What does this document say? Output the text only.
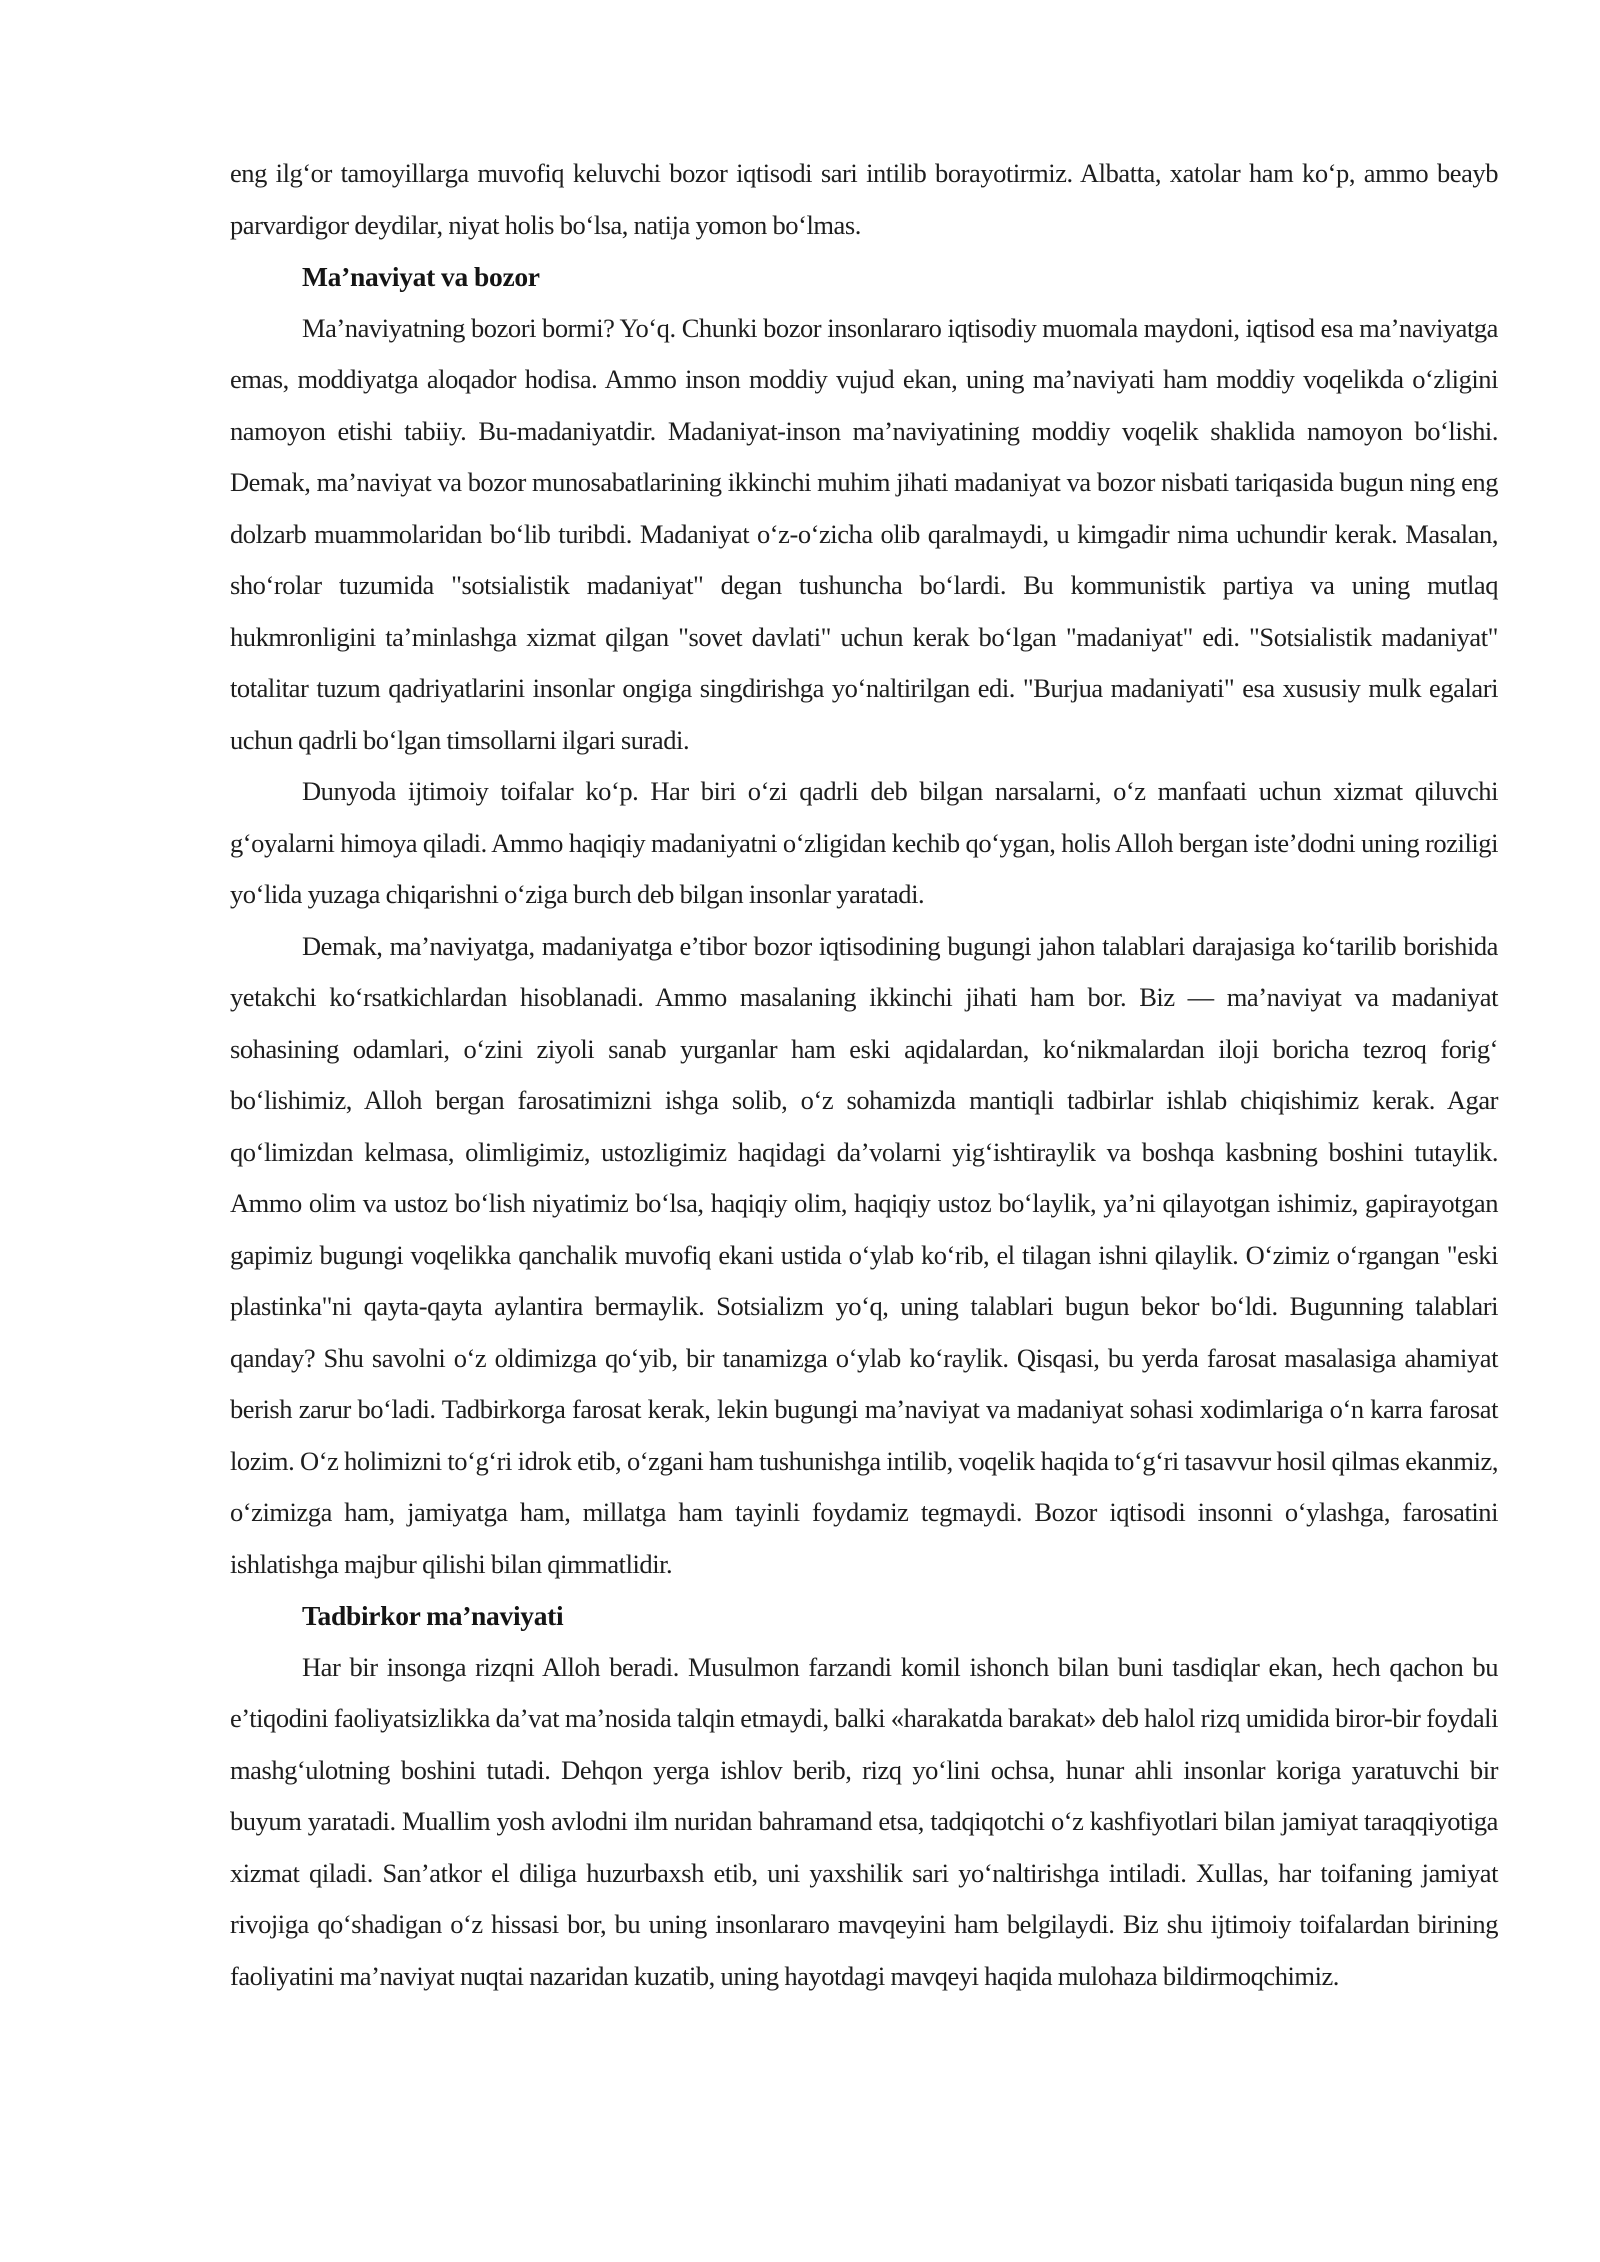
eng ilg‘or tamoyillarga muvofiq keluvchi bozor iqtisodi sari intilib borayotirmiz. Albatta, xatolar ham ko‘p, ammo beayb parvardigor deydilar, niyat holis bo‘lsa, natija yomon bo‘lmas.

Ma’naviyat va bozor

Ma’naviyatning bozori bormi? Yo‘q. Chunki bozor insonlararo iqtisodiy muomala maydoni, iqtisod esa ma’naviyatga emas, moddiyatga aloqador hodisa. Ammo inson moddiy vujud ekan, uning ma’naviyati ham moddiy voqelikda o‘zligini namoyon etishi tabiiy. Bu-madaniyatdir. Madaniyat-inson ma’naviyatining moddiy voqelik shaklida namoyon bo‘lishi. Demak, ma’naviyat va bozor munosabatlarining ikkinchi muhim jihati madaniyat va bozor nisbati tariqasida bugun ning eng dolzarb muammolaridan bo‘lib turibdi. Madaniyat o‘z-o‘zicha olib qaralmaydi, u kimgadir nima uchundir kerak. Masalan, sho‘rolar tuzumida "sotsialistik madaniyat" degan tushuncha bo‘lardi. Bu kommunistik partiya va uning mutlaq hukmronligini ta’minlashga xizmat qilgan "sovet davlati" uchun kerak bo‘lgan "madaniyat" edi. "Sotsialistik madaniyat" totalitar tuzum qadriyatlarini insonlar ongiga singdirishga yo‘naltirilgan edi. "Burjua madaniyati" esa xususiy mulk egalari uchun qadrli bo‘lgan timsollarni ilgari suradi.

Dunyoda ijtimoiy toifalar ko‘p. Har biri o‘zi qadrli deb bilgan narsalarni, o‘z manfaati uchun xizmat qiluvchi g‘oyalarni himoya qiladi. Ammo haqiqiy madaniyatni o‘zligidan kechib qo‘ygan, holis Alloh bergan iste’dodni uning roziligi yo‘lida yuzaga chiqarishni o‘ziga burch deb bilgan insonlar yaratadi.

Demak, ma’naviyatga, madaniyatga e’tibor bozor iqtisodining bugungi jahon talablari darajasiga ko‘tarilib borishida yetakchi ko‘rsatkichlardan hisoblanadi. Ammo masalaning ikkinchi jihati ham bor. Biz — ma’naviyat va madaniyat sohasining odamlari, o‘zini ziyoli sanab yurganlar ham eski aqidalardan, ko‘nikmalardan iloji boricha tezroq forig‘ bo‘lishimiz, Alloh bergan farosatimizni ishga solib, o‘z sohamizda mantiqli tadbirlar ishlab chiqishimiz kerak. Agar qo‘limizdan kelmasa, olimligimiz, ustozligimiz haqidagi da’volarni yig‘ishtiraylik va boshqa kasbning boshini tutaylik. Ammo olim va ustoz bo‘lish niyatimiz bo‘lsa, haqiqiy olim, haqiqiy ustoz bo‘laylik, ya’ni qilayotgan ishimiz, gapirayotgan gapimiz bugungi voqelikka qanchalik muvofiq ekani ustida o‘ylab ko‘rib, el tilagan ishni qilaylik. O‘zimiz o‘rgangan "eski plastinka"ni qayta-qayta aylantira bermaylik. Sotsializm yo‘q, uning talablari bugun bekor bo‘ldi. Bugunning talablari qanday? Shu savolni o‘z oldimizga qo‘yib, bir tanamizga o‘ylab ko‘raylik. Qisqasi, bu yerda farosat masalasiga ahamiyat berish zarur bo‘ladi. Tadbirkorga farosat kerak, lekin bugungi ma’naviyat va madaniyat sohasi xodimlariga o‘n karra farosat lozim. O‘z holimizni to‘g‘ri idrok etib, o‘zgani ham tushunishga intilib, voqelik haqida to‘g‘ri tasavvur hosil qilmas ekanmiz, o‘zimizga ham, jamiyatga ham, millatga ham tayinli foydamiz tegmaydi. Bozor iqtisodi insonni o‘ylashga, farosatini ishlatishga majbur qilishi bilan qimmatlidir.

Tadbirkor ma’naviyati

Har bir insonga rizqni Alloh beradi. Musulmon farzandi komil ishonch bilan buni tasdiqlar ekan, hech qachon bu e’tiqodini faoliyatsizlikka da’vat ma’nosida talqin etmaydi, balki «harakatda barakat» deb halol rizq umidida biror-bir foydali mashg‘ulotning boshini tutadi. Dehqon yerga ishlov berib, rizq yo‘lini ochsa, hunar ahli insonlar koriga yaratuvchi bir buyum yaratadi. Muallim yosh avlodni ilm nuridan bahramand etsa, tadqiqotchi o‘z kashfiyotlari bilan jamiyat taraqqiyotiga xizmat qiladi. San’atkor el diliga huzurbaxsh etib, uni yaxshilik sari yo‘naltirishga intiladi. Xullas, har toifaning jamiyat rivojiga qo‘shadigan o‘z hissasi bor, bu uning insonlararo mavqeyini ham belgilaydi. Biz shu ijtimoiy toifalardan birining faoliyatini ma’naviyat nuqtai nazaridan kuzatib, uning hayotdagi mavqeyi haqida mulohaza bildirmoqchimiz.
